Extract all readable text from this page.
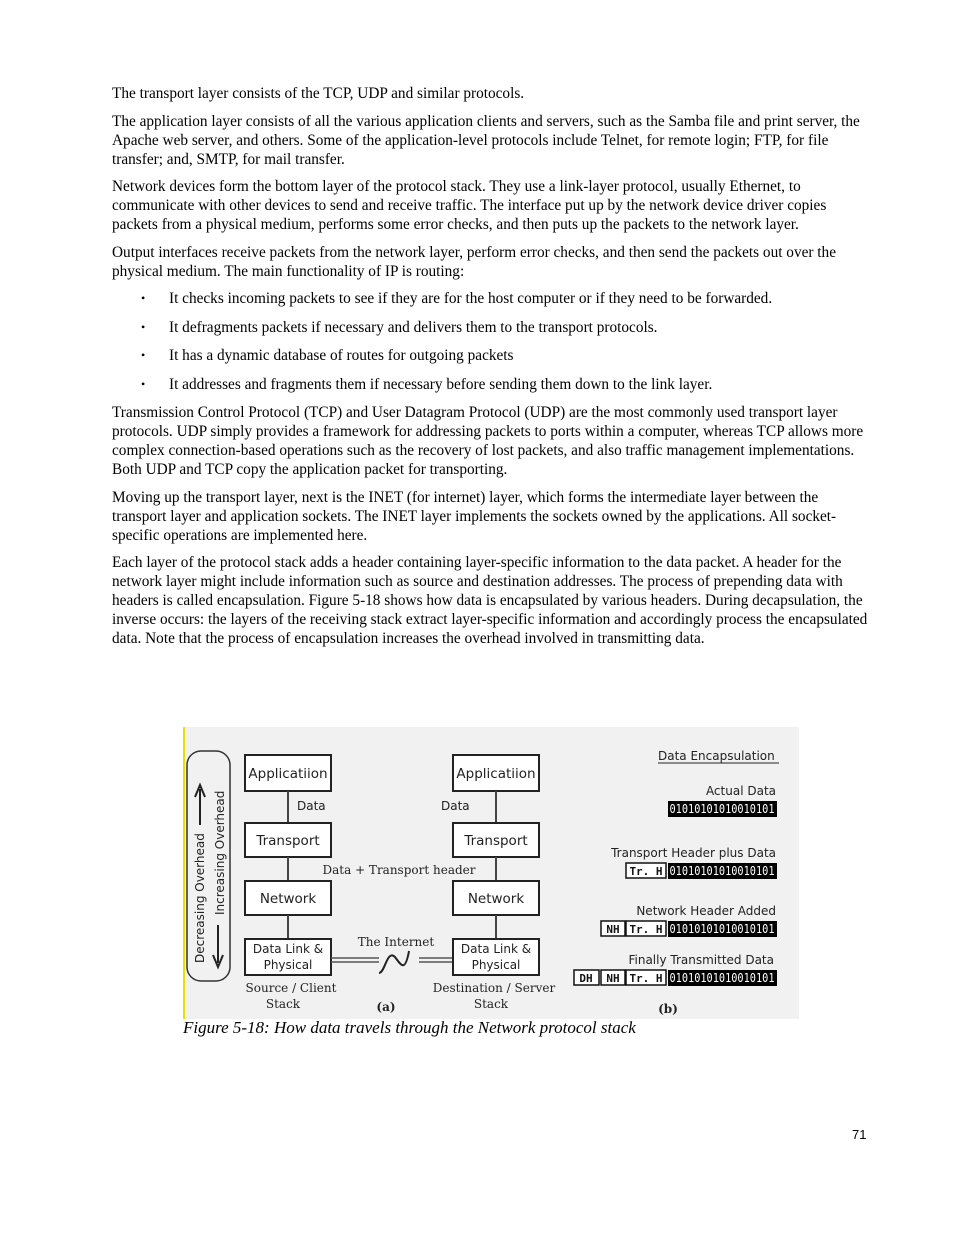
The transport layer consists of the TCP, UDP and similar protocols.

The application layer consists of all the various application clients and servers, such as the Samba file and print server, the Apache web server, and others. Some of the application-level protocols include Telnet, for remote login; FTP, for file transfer; and, SMTP, for mail transfer.

Network devices form the bottom layer of the protocol stack. They use a link-layer protocol, usually Ethernet, to communicate with other devices to send and receive traffic. The interface put up by the network device driver copies packets from a physical medium, performs some error checks, and then puts up the packets to the network layer.

Output interfaces receive packets from the network layer, perform error checks, and then send the packets out over the physical medium. The main functionality of IP is routing:

• It checks incoming packets to see if they are for the host computer or if they need to be forwarded.
• It defragments packets if necessary and delivers them to the transport protocols.
• It has a dynamic database of routes for outgoing packets
• It addresses and fragments them if necessary before sending them down to the link layer.

Transmission Control Protocol (TCP) and User Datagram Protocol (UDP) are the most commonly used transport layer protocols. UDP simply provides a framework for addressing packets to ports within a computer, whereas TCP allows more complex connection-based operations such as the recovery of lost packets, and also traffic management implementations. Both UDP and TCP copy the application packet for transporting.

Moving up the transport layer, next is the INET (for internet) layer, which forms the intermediate layer between the transport layer and application sockets. The INET layer implements the sockets owned by the applications. All socket-specific operations are implemented here.

Each layer of the protocol stack adds a header containing layer-specific information to the data packet. A header for the network layer might include information such as source and destination addresses. The process of prepending data with headers is called encapsulation. Figure 5-18 shows how data is encapsulated by various headers. During decapsulation, the inverse occurs: the layers of the receiving stack extract layer-specific information and accordingly process the encapsulated data. Note that the process of encapsulation increases the overhead involved in transmitting data.

Decreasing Overhead Increasing Overhead
Applicatiion
Data
Transport
Network
Data Link &
Physical
Source / Client
Stack
Data + Transport header
The Internet
Applicatiion
Data
Transport
Network
Data Link &
Physical
Destination / Server
Stack
(a)	(b)
Data Encapsulation
Actual Data
01010101010010101
Transport Header plus Data
Tr. H 01010101010010101
Network Header Added
NH Tr. H 01010101010010101
Finally Transmitted Data
DH NH Tr. H 01010101010010101
Figure 5-18: How data travels through the Network protocol stack
71
